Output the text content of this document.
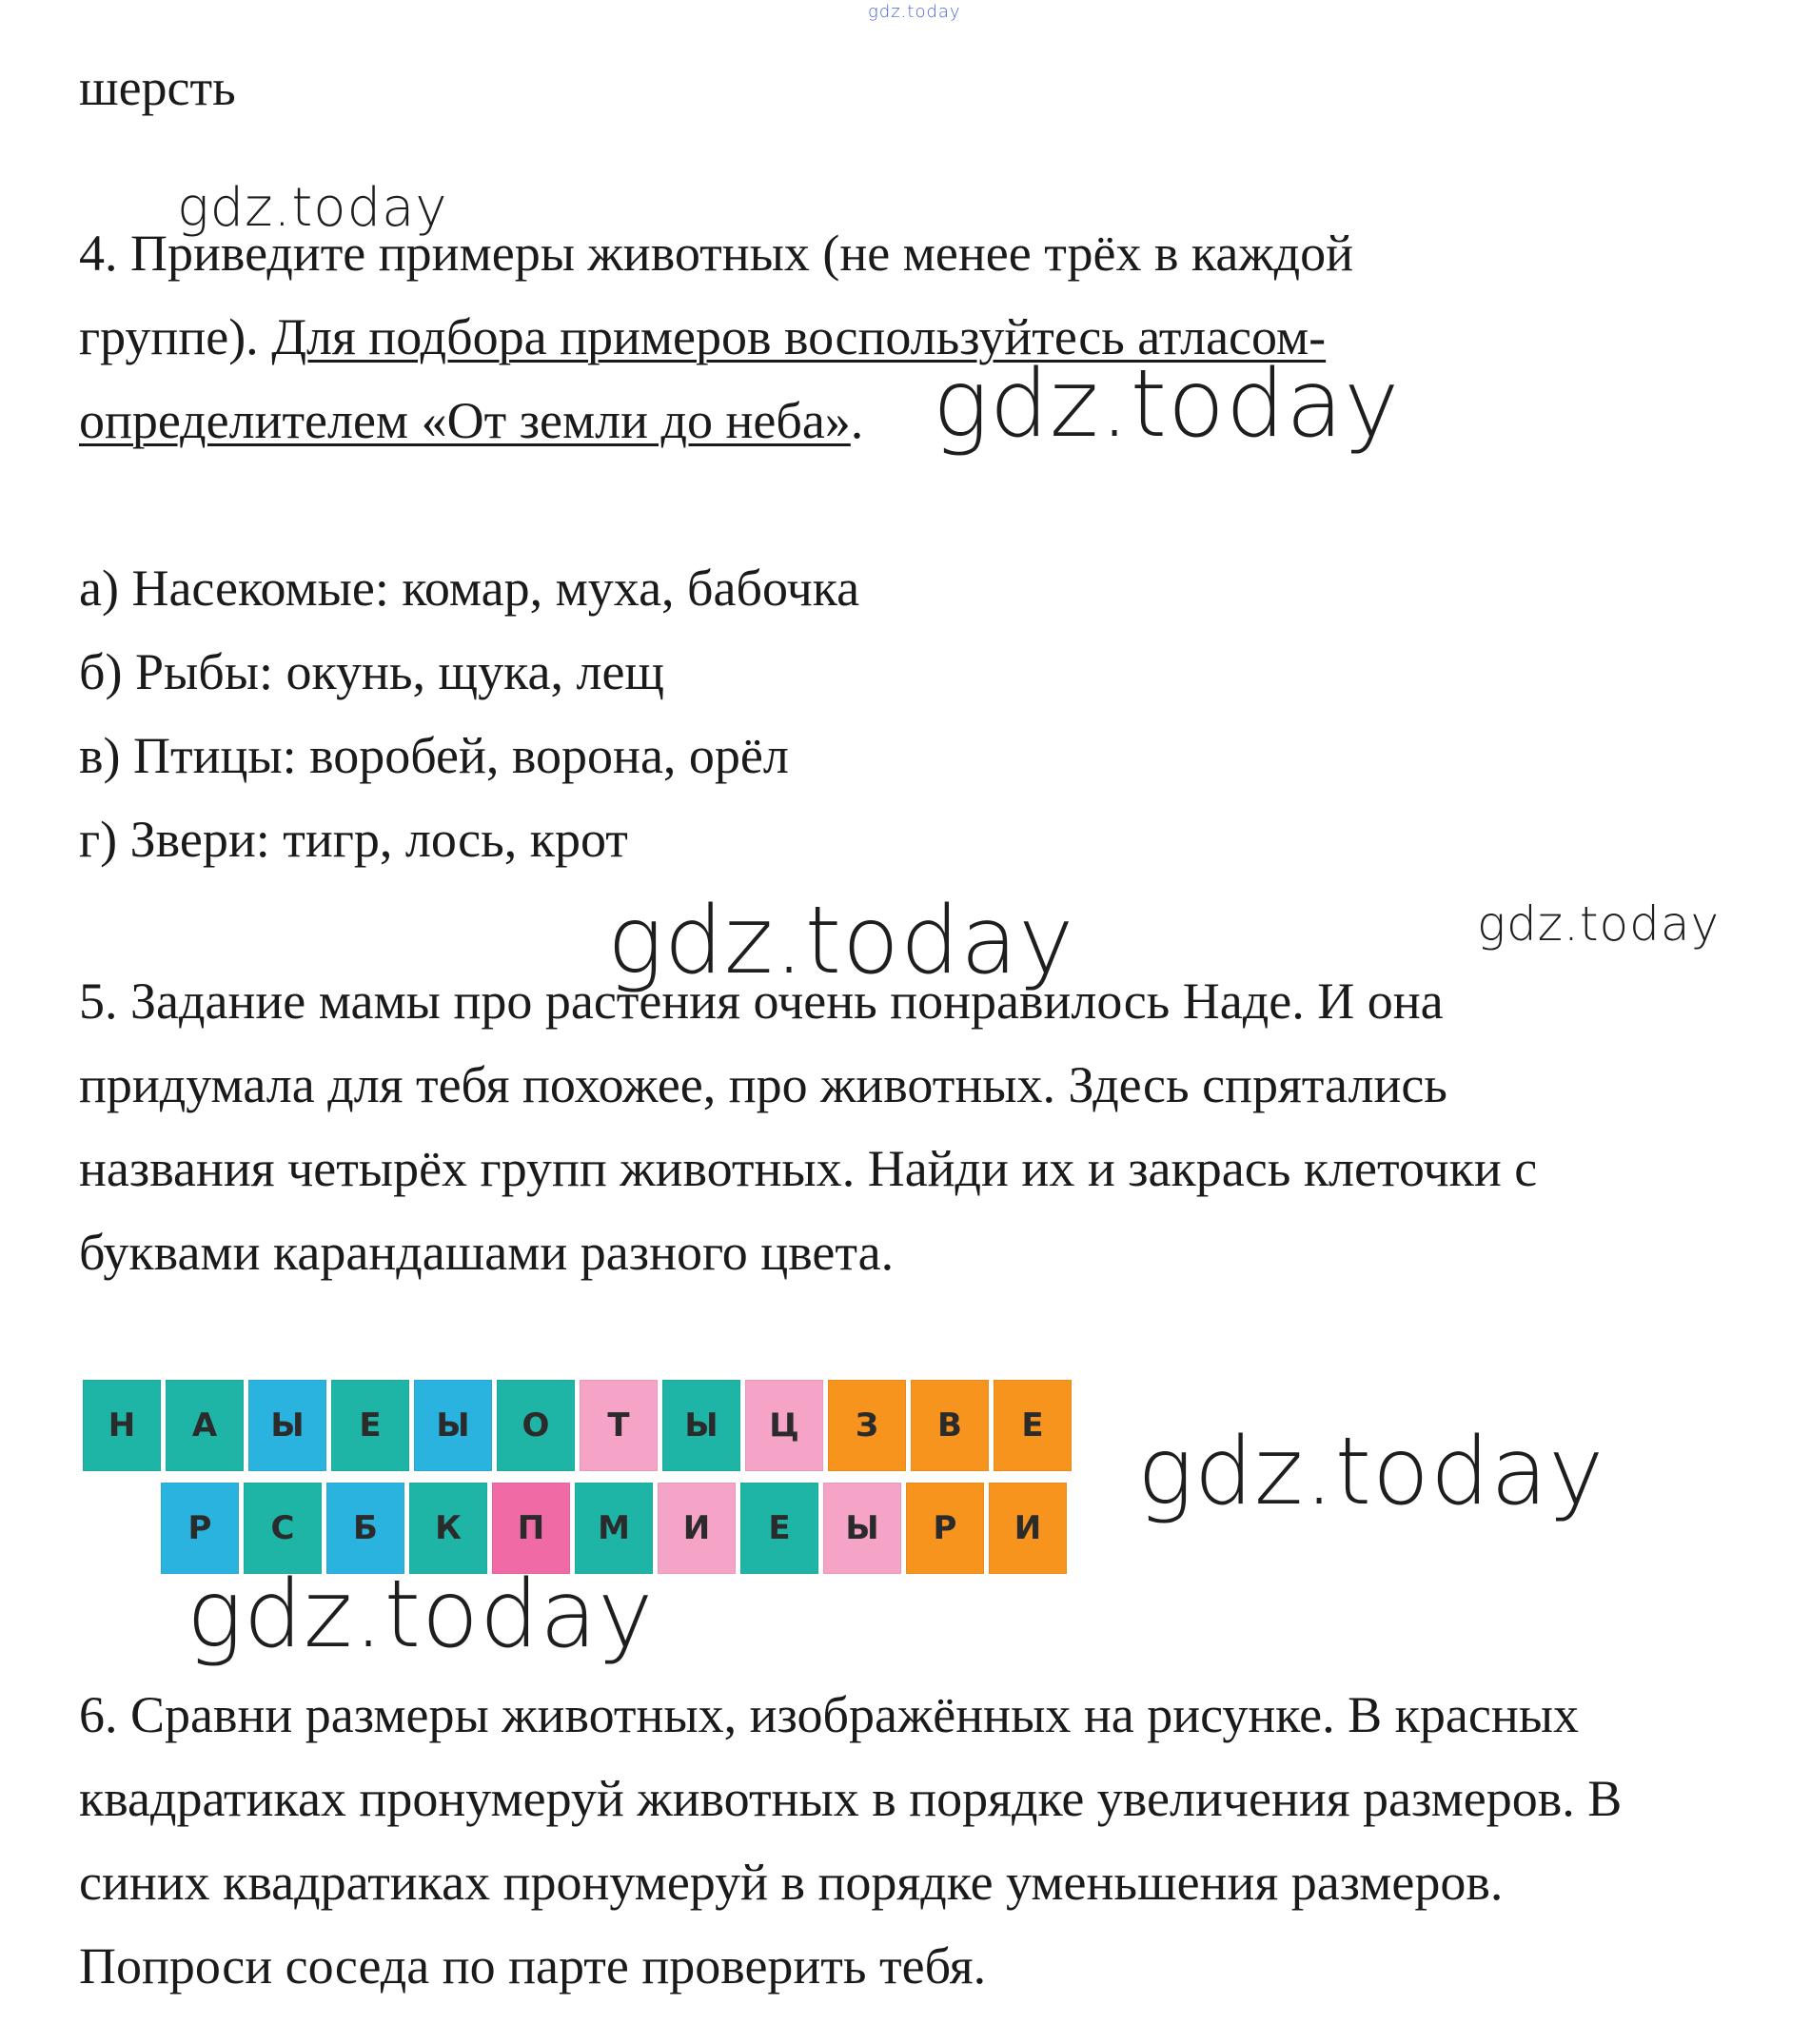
gdz.today

шерсть

gdz.today

4. Приведите примеры животных (не менее трёх в каждой

группе). Для подбора примеров воспользуйтесь атласом-

определителем «От земли до неба». gdz.today

а) Насекомые: комар, муха, бабочка

б) Рыбы: окунь, щука, лещ

в) Птицы: воробей, ворона, орёл

г) Звери: тигр, лось, крот

gdz.today	gdz.today

5. Задание мамы про растения очень понравилось Наде. И она

придумала для тебя похожее, про животных. Здесь спрятались

названия четырёх групп животных. Найди их и закрась клеточки с

буквами карандашами разного цвета.

Н	А	Ы	Е	Ы	О	Т	Ы	Ц	З	В	Е
Р	С	Б	К	П	М	И	Е	Ы	Р	И
gdz.today
gdz.today

6. Сравни размеры животных, изображённых на рисунке. В красных

квадратиках пронумеруй животных в порядке увеличения размеров. В

синих квадратиках пронумеруй в порядке уменьшения размеров.

Попроси соседа по парте проверить тебя.
